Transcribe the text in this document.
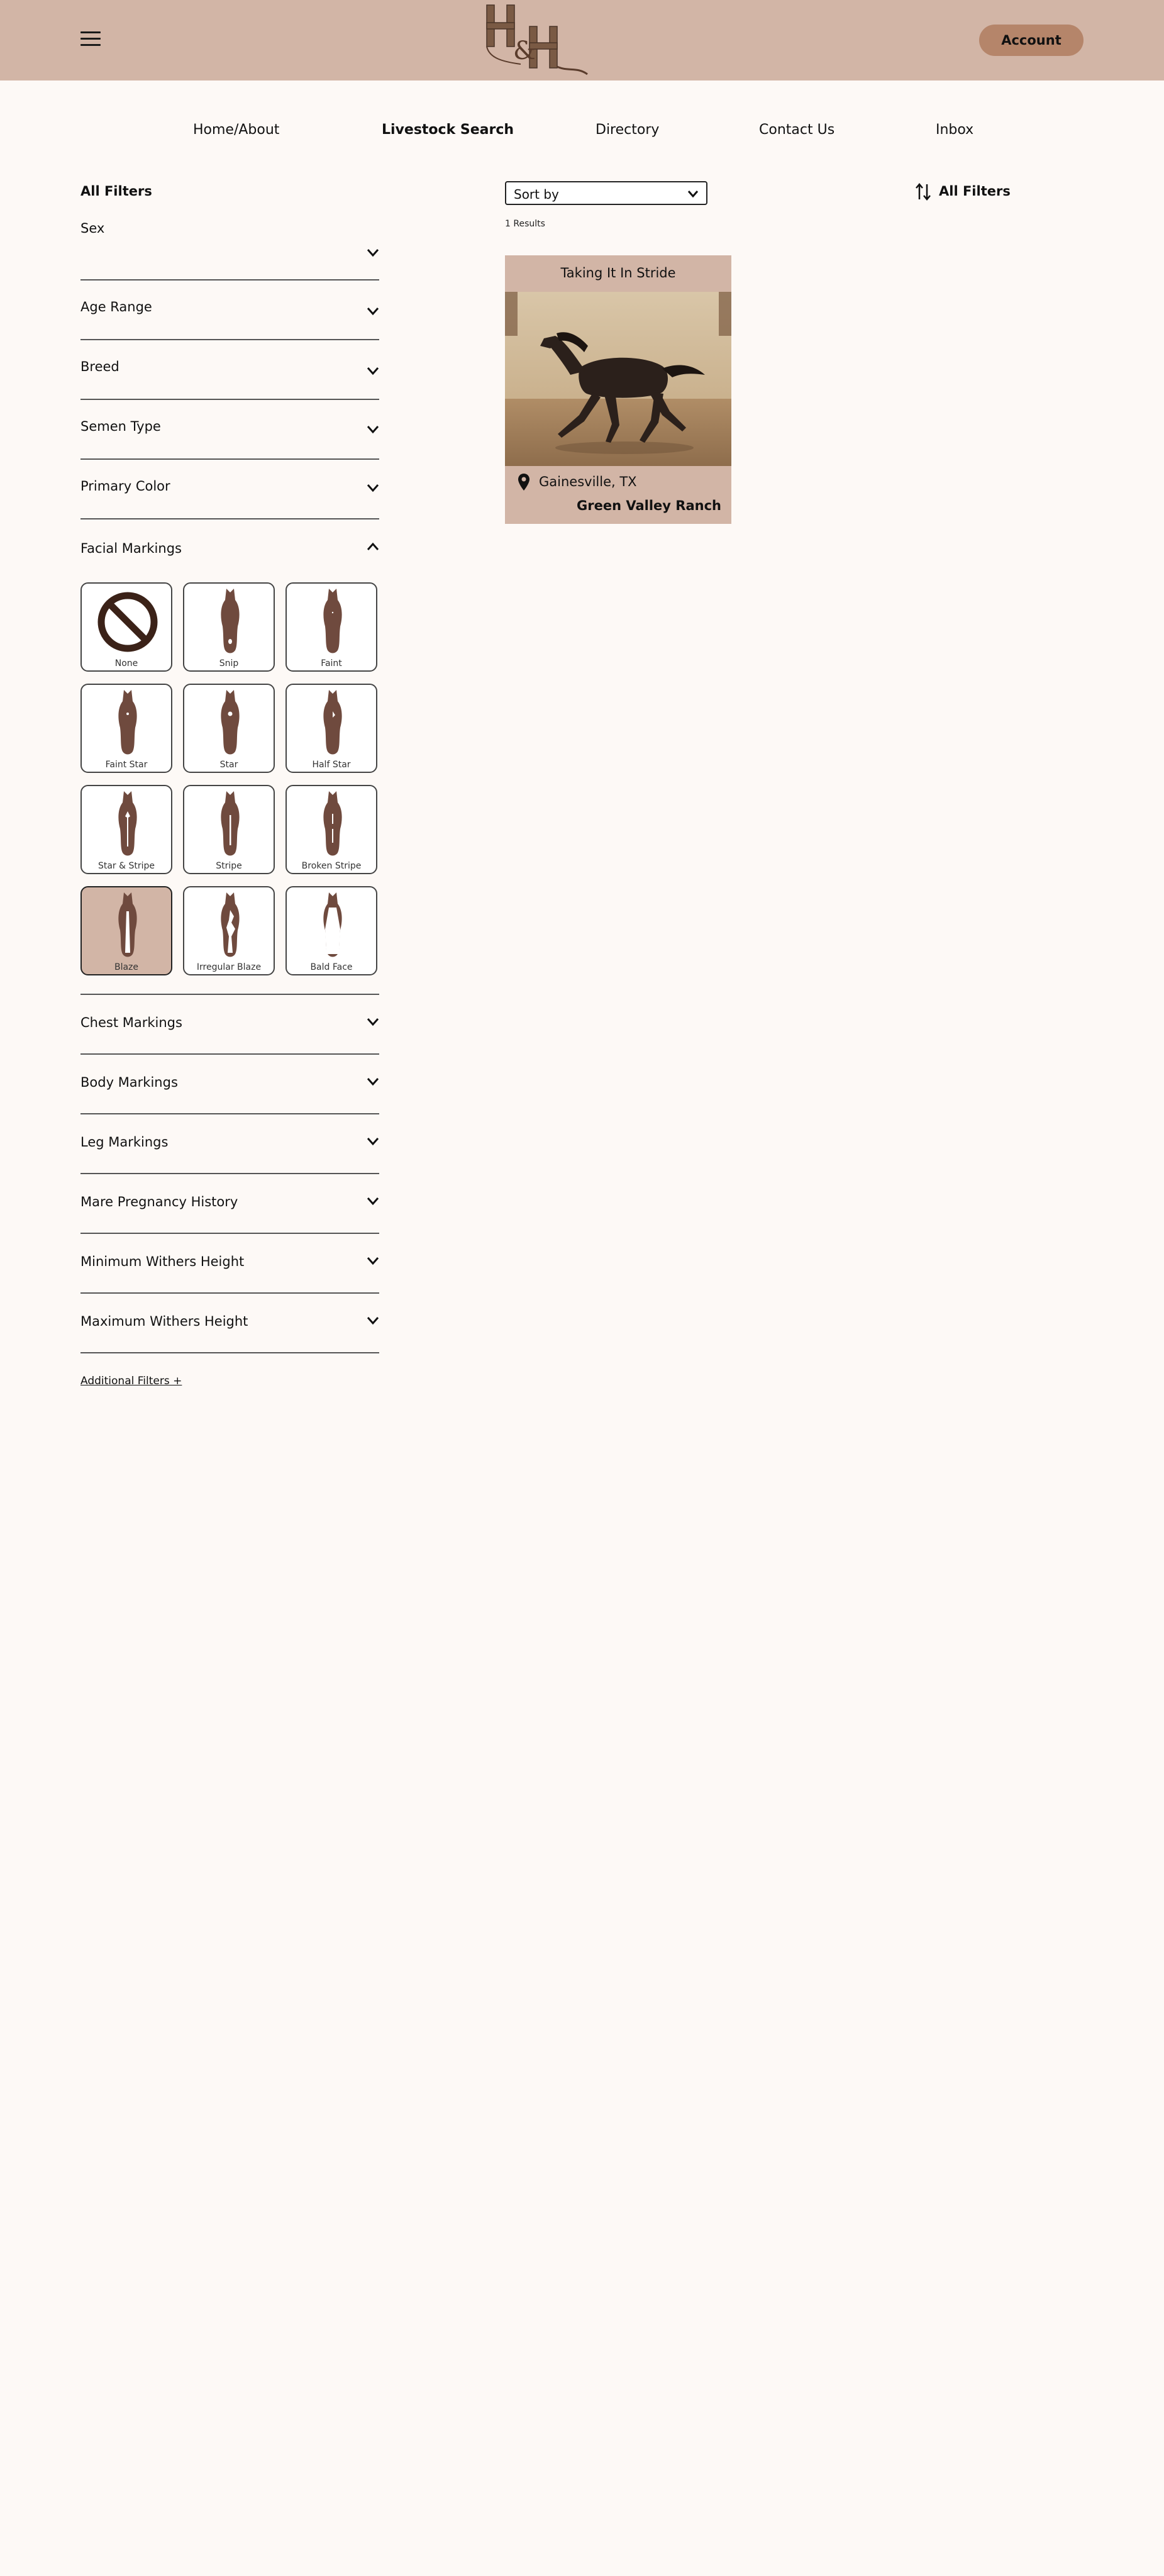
&	Account
Home/About	Livestock Search	Directory	Contact Us	Inbox
All Filters
Sex
Age Range
Breed
Semen Type
Primary Color
Facial Markings
None	Snip	Faint
Faint Star	Star	Half Star
Star & Stripe	Stripe	Broken Stripe
Blaze	Irregular Blaze	Bald Face
Chest Markings
Body Markings
Leg Markings
Mare Pregnancy History
Minimum Withers Height
Maximum Withers Height
Additional Filters +
Sort by
1 Results
All Filters
Taking It In Stride
Gainesville, TX
Green Valley Ranch
